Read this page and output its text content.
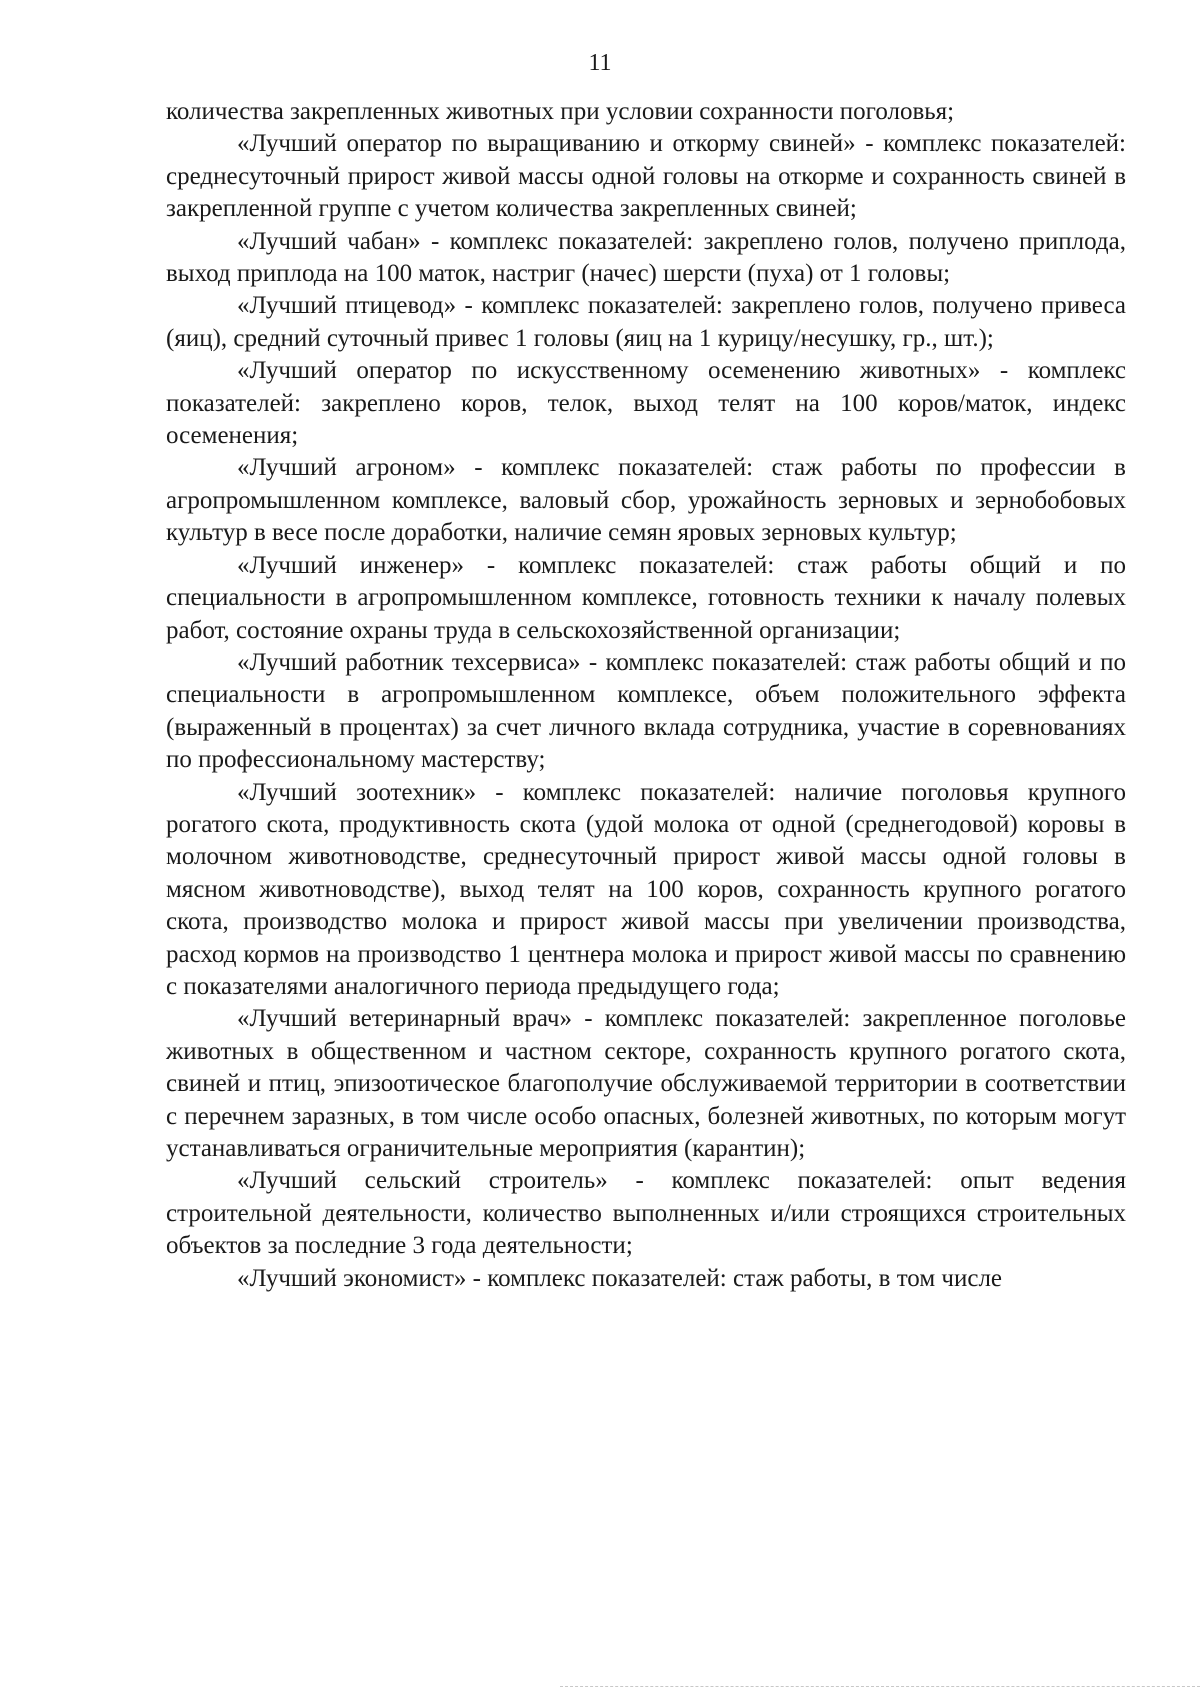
11

количества закрепленных животных при условии сохранности поголовья;

«Лучший оператор по выращиванию и откорму свиней» - комплекс показателей: среднесуточный прирост живой массы одной головы на откорме и сохранность свиней в закрепленной группе с учетом количества закрепленных свиней;

«Лучший чабан» - комплекс показателей: закреплено голов, получено приплода, выход приплода на 100 маток, настриг (начес) шерсти (пуха) от 1 головы;

«Лучший птицевод» - комплекс показателей: закреплено голов, получено привеса (яиц), средний суточный привес 1 головы (яиц на 1 курицу/несушку, гр., шт.);

«Лучший оператор по искусственному осеменению животных» - комплекс показателей: закреплено коров, телок, выход телят на 100 коров/маток, индекс осеменения;

«Лучший агроном» - комплекс показателей: стаж работы по профессии в агропромышленном комплексе, валовый сбор, урожайность зерновых и зернобобовых культур в весе после доработки, наличие семян яровых зерновых культур;

«Лучший инженер» - комплекс показателей: стаж работы общий и по специальности в агропромышленном комплексе, готовность техники к началу полевых работ, состояние охраны труда в сельскохозяйственной организации;

«Лучший работник техсервиса» - комплекс показателей: стаж работы общий и по специальности в агропромышленном комплексе, объем положительного эффекта (выраженный в процентах) за счет личного вклада сотрудника, участие в соревнованиях по профессиональному мастерству;

«Лучший зоотехник» - комплекс показателей: наличие поголовья крупного рогатого скота, продуктивность скота (удой молока от одной (среднегодовой) коровы в молочном животноводстве, среднесуточный прирост живой массы одной головы в мясном животноводстве), выход телят на 100 коров, сохранность крупного рогатого скота, производство молока и прирост живой массы при увеличении производства, расход кормов на производство 1 центнера молока и прирост живой массы по сравнению с показателями аналогичного периода предыдущего года;

«Лучший ветеринарный врач» - комплекс показателей: закрепленное поголовье животных в общественном и частном секторе, сохранность крупного рогатого скота, свиней и птиц, эпизоотическое благополучие обслуживаемой территории в соответствии с перечнем заразных, в том числе особо опасных, болезней животных, по которым могут устанавливаться ограничительные мероприятия (карантин);

«Лучший сельский строитель» - комплекс показателей: опыт ведения строительной деятельности, количество выполненных и/или строящихся строительных объектов за последние 3 года деятельности;

«Лучший экономист» - комплекс показателей: стаж работы, в том числе
